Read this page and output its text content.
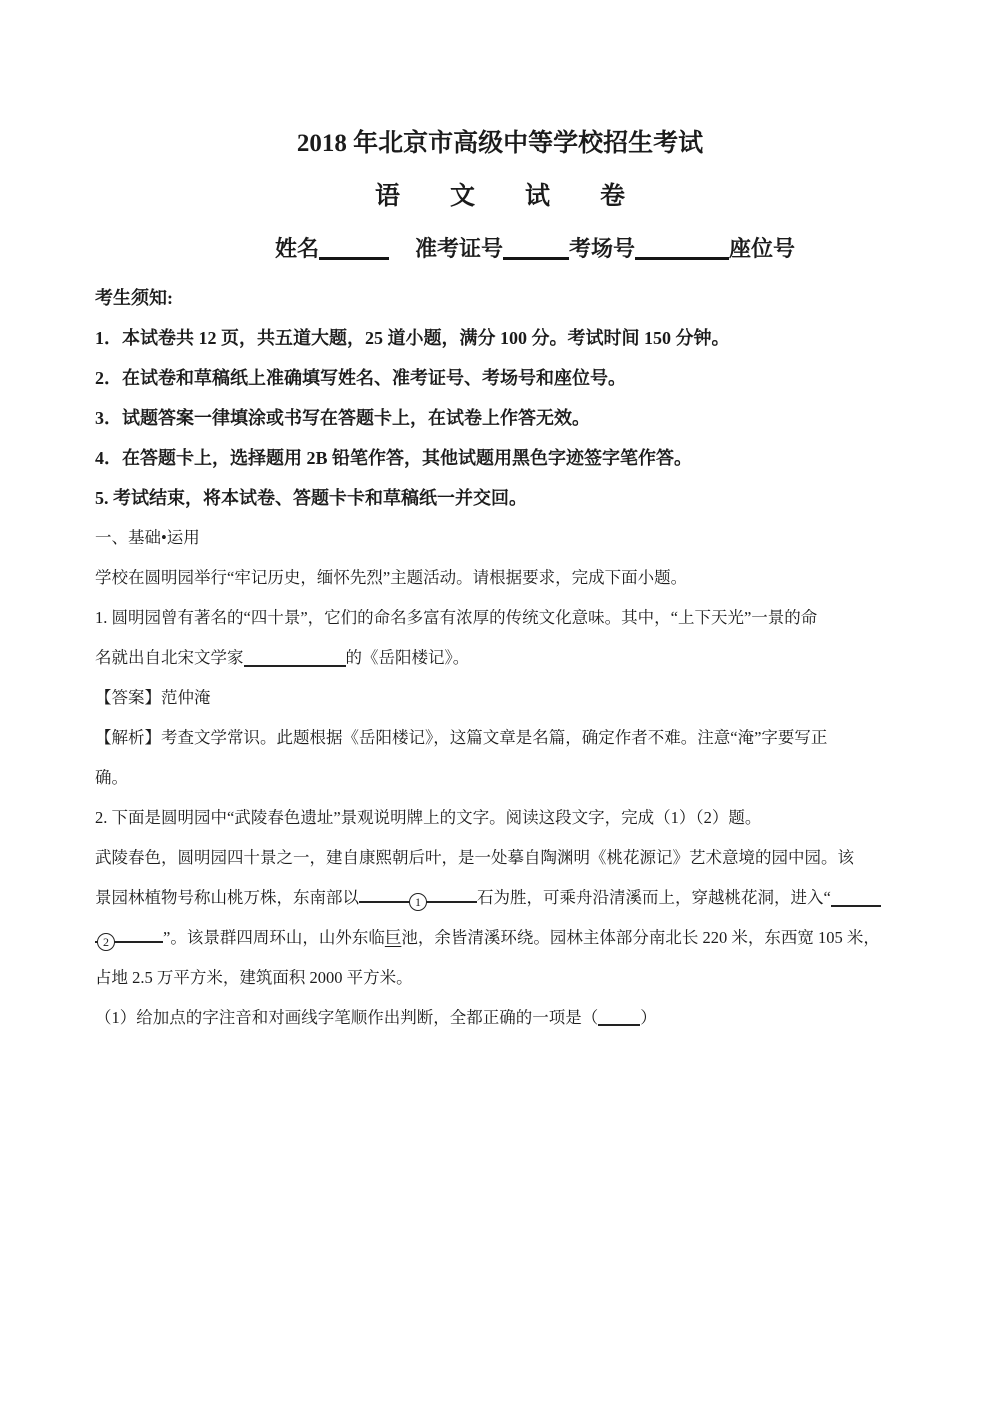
2018 年北京市高级中等学校招生考试
语　　文　　试　　卷
姓名	准考证号	考场号	座位号
考生须知:
1．本试卷共 12 页，共五道大题，25 道小题，满分 100 分。考试时间 150 分钟。
2．在试卷和草稿纸上准确填写姓名、准考证号、考场号和座位号。
3．试题答案一律填涂或书写在答题卡上，在试卷上作答无效。
4．在答题卡上，选择题用 2B 铅笔作答，其他试题用黑色字迹签字笔作答。
5. 考试结束，将本试卷、答题卡卡和草稿纸一并交回。
一、基础•运用
学校在圆明园举行“牢记历史，缅怀先烈”主题活动。请根据要求，完成下面小题。
1. 圆明园曾有著名的“四十景”，它们的命名多富有浓厚的传统文化意味。其中，“上下天光”一景的命
名就出自北宋文学家	的《岳阳楼记》。
【答案】范仲淹
【解析】考查文学常识。此题根据《岳阳楼记》，这篇文章是名篇，确定作者不难。注意“淹”字要写正
确。
2. 下面是圆明园中“武陵春色遗址”景观说明牌上的文字。阅读这段文字，完成（1）（2）题。
武陵春色，圆明园四十景之一，建自康熙朝后叶，是一处摹自陶渊明《桃花源记》艺术意境的园中园。该
景园林植物号称山桃万株，东南部以	1	石为胜，可乘舟沿清溪而上，穿越桃花洞，进入“
2	”。该景群四周环山，山外东临巨池，余皆清溪环绕。园林主体部分南北长 220 米，东西宽 105 米，
占地 2.5 万平方米，建筑面积 2000 平方米。
（1）给加点的字注音和对画线字笔顺作出判断，全都正确的一项是（	）
